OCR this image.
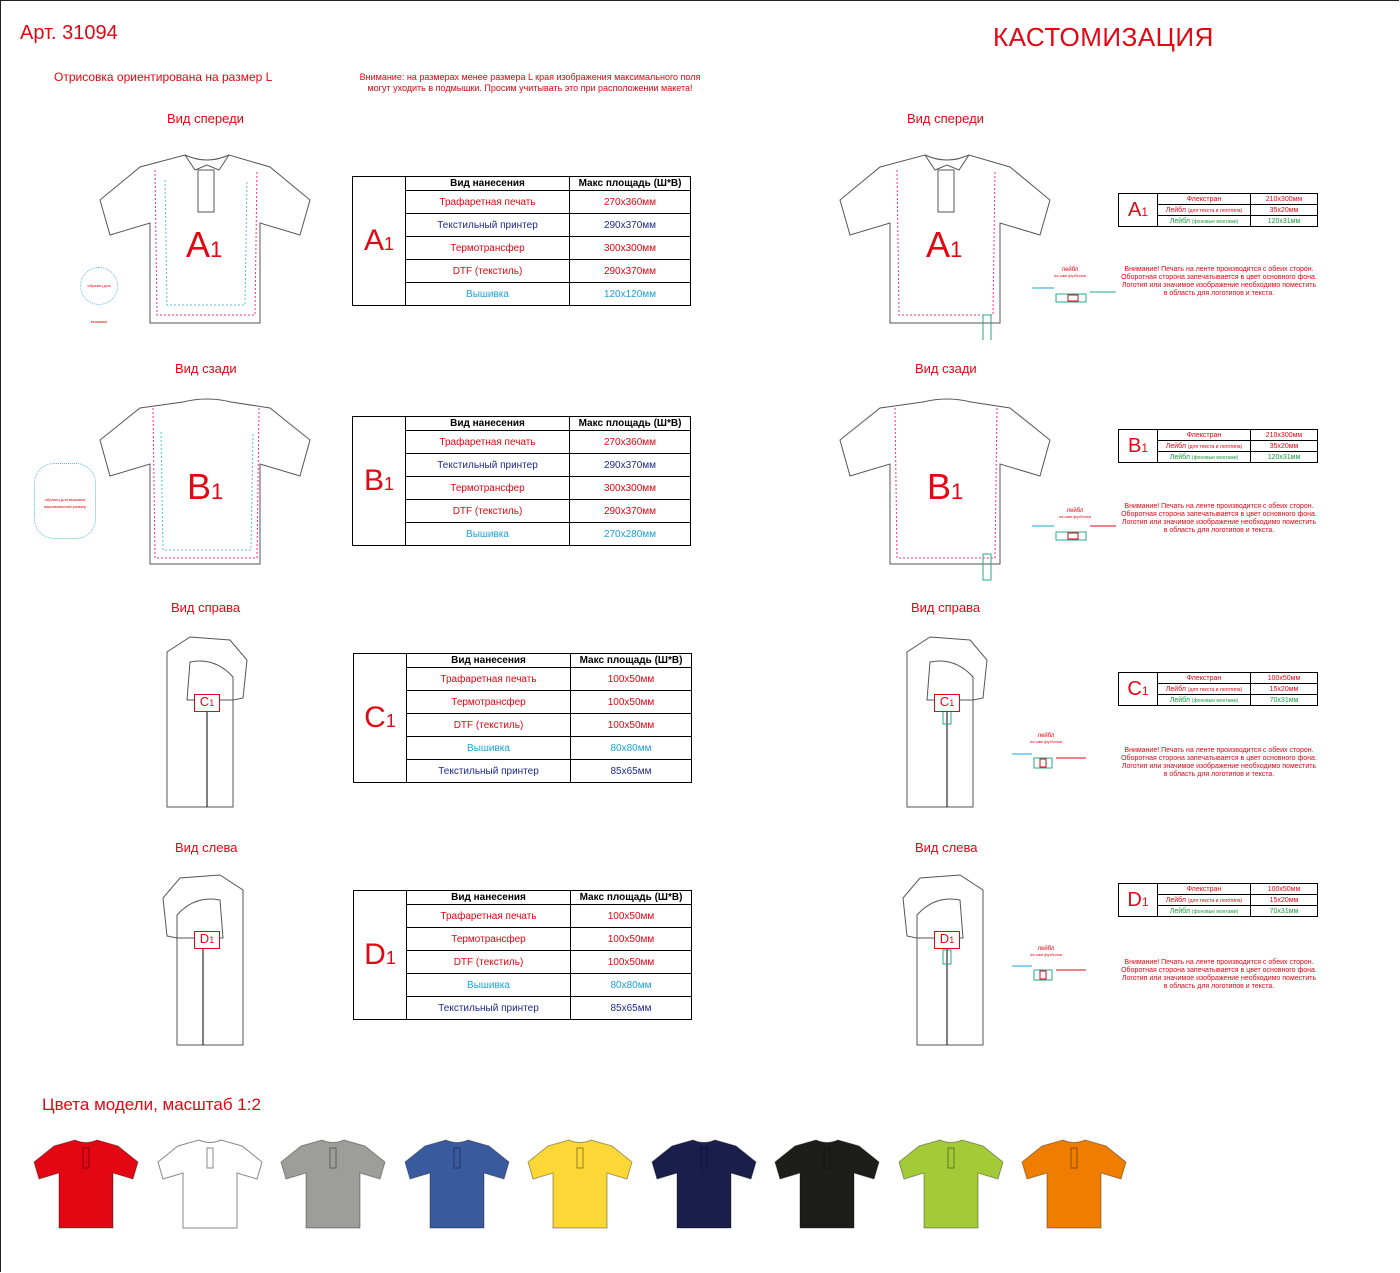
Арт. 31094	КАСТОМИЗАЦИЯ
Отрисовка ориентирована на размер L	Внимание: на размерах менее размера L края изображения максимального поля
могут уходить в подмышки. Просим учитывать это при расположении макета!
Вид спереди
Вид сзади
Вид справа
Вид слева
Вид спереди
Вид сзади
Вид справа
Вид слева
A1
образец для вышивки
B1
образец для вышивки максимальный размер
C1
D1
A1	Вид нанесения	Макс площадь (Ш*В)
	Трафаретная печать	270x360мм
	Текстильный принтер	290x370мм
	Термотрансфер	300x300мм
	DTF (текстиль)	290x370мм
	Вышивка	120x120мм
B1	Вид нанесения	Макс площадь (Ш*В)
	Трафаретная печать	270x360мм
	Текстильный принтер	290x370мм
	Термотрансфер	300x300мм
	DTF (текстиль)	290x370мм
	Вышивка	270x280мм
C1	Вид нанесения	Макс площадь (Ш*В)
	Трафаретная печать	100x50мм
	Термотрансфер	100x50мм
	DTF (текстиль)	100x50мм
	Вышивка	80x80мм
	Текстильный принтер	85x65мм
D1	Вид нанесения	Макс площадь (Ш*В)
	Трафаретная печать	100x50мм
	Термотрансфер	100x50мм
	DTF (текстиль)	100x50мм
	Вышивка	80x80мм
	Текстильный принтер	85x65мм
A1
B1
C1
D1
лейбл
на шве футболки
лейбл
на шве футболки
лейбл
на шве футболки
лейбл
на шве футболки
A1	Флекстран	210x300мм
	Лейбл (для текста и логотипа)	35x20мм
	Лейбл (фоновые монтажи)	120x31мм
B1	Флекстран	210x300мм
	Лейбл (для текста и логотипа)	35x20мм
	Лейбл (фоновые монтажи)	120x31мм
C1	Флекстран	100x50мм
	Лейбл (для текста и логотипа)	15x20мм
	Лейбл (фоновые монтажи)	70x31мм
D1	Флекстран	100x50мм
	Лейбл (для текста и логотипа)	15x20мм
	Лейбл (фоновые монтажи)	70x31мм
Внимание! Печать на ленте производится с обеих сторон.
Оборотная сторона запечатывается в цвет основного фона.
Логотип или значимое изображение необходимо поместить
в область для логотипов и текста.
Внимание! Печать на ленте производится с обеих сторон.
Оборотная сторона запечатывается в цвет основного фона.
Логотип или значимое изображение необходимо поместить
в область для логотипов и текста.
Внимание! Печать на ленте производится с обеих сторон.
Оборотная сторона запечатывается в цвет основного фона.
Логотип или значимое изображение необходимо поместить
в область для логотипов и текста.
Внимание! Печать на ленте производится с обеих сторон.
Оборотная сторона запечатывается в цвет основного фона.
Логотип или значимое изображение необходимо поместить
в область для логотипов и текста.
Цвета модели, масштаб 1:2
